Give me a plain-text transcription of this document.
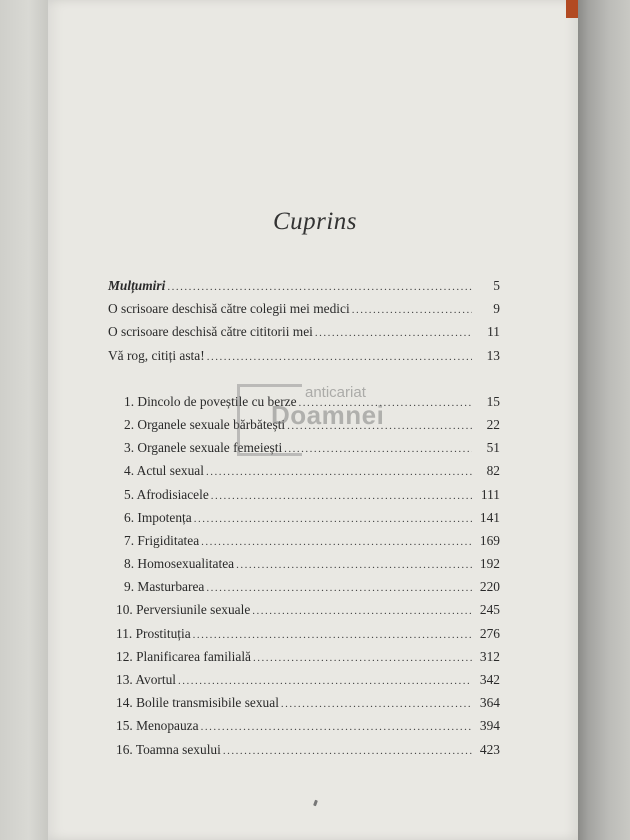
Cuprins
Mulțumiri .....	5
O scrisoare deschisă către colegii mei medici .....	9
O scrisoare deschisă către cititorii mei .....	11
Vă rog, citiți asta! .....	13
1. Dincolo de poveștile cu berze .....	15
2. Organele sexuale bărbătești .....	22
3. Organele sexuale femeiești .....	51
4. Actul sexual .....	82
5. Afrodisiacele .....	111
6. Impotența .....	141
7. Frigiditatea .....	169
8. Homosexualitatea .....	192
9. Masturbarea .....	220
10. Perversiunile sexuale .....	245
11. Prostituția .....	276
12. Planificarea familială .....	312
13. Avortul .....	342
14. Bolile transmisibile sexual .....	364
15. Menopauza .....	394
16. Toamna sexului .....	423
anticariat
Doamnei
